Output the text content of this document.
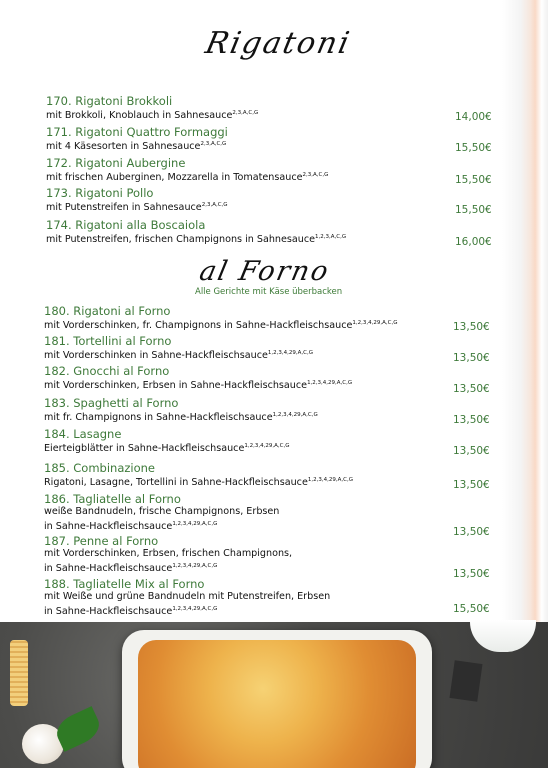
Rigatoni
170. Rigatoni Brokkoli
mit Brokkoli, Knoblauch in Sahnesauce$^{2,3,A,C,G}$	14,00€
171. Rigatoni Quattro Formaggi
mit 4 Käsesorten in Sahnesauce$^{2,3,A,C,G}$	15,50€
172. Rigatoni Aubergine
mit frischen Auberginen, Mozzarella in Tomatensauce$^{2,3,A,C,G}$	15,50€
173. Rigatoni Pollo
mit Putenstreifen in Sahnesauce$^{2,3,A,C,G}$	15,50€
174. Rigatoni alla Boscaiola
mit Putenstreifen, frischen Champignons in Sahnesauce$^{1,2,3,A,C,G}$	16,00€
al Forno
Alle Gerichte mit Käse überbacken
180. Rigatoni al Forno
mit Vorderschinken, fr. Champignons in Sahne-Hackfleischsauce$^{1,2,3,4,29,A,C,G}$	13,50€
181. Tortellini al Forno
mit Vorderschinken in Sahne-Hackfleischsauce$^{1,2,3,4,29,A,C,G}$	13,50€
182. Gnocchi al Forno
mit Vorderschinken, Erbsen in Sahne-Hackfleischsauce$^{1,2,3,4,29,A,C,G}$	13,50€
183. Spaghetti al Forno
mit fr. Champignons in Sahne-Hackfleischsauce$^{1,2,3,4,29,A,C,G}$	13,50€
184. Lasagne
Eierteigblätter in Sahne-Hackfleischsauce$^{1,2,3,4,29,A,C,G}$	13,50€
185. Combinazione
Rigatoni, Lasagne, Tortellini in Sahne-Hackfleischsauce$^{1,2,3,4,29,A,C,G}$	13,50€
186. Tagliatelle al Forno
weiße Bandnudeln, frische Champignons, Erbsen
in Sahne-Hackfleischsauce$^{1,2,3,4,29,A,C,G}$
13,50€
187. Penne al Forno
mit Vorderschinken, Erbsen, frischen Champignons,
in Sahne-Hackfleischsauce$^{1,2,3,4,29,A,C,G}$
13,50€
188. Tagliatelle Mix al Forno
mit Weiße und grüne Bandnudeln mit Putenstreifen, Erbsen
in Sahne-Hackfleischsauce$^{1,2,3,4,29,A,C,G}$	15,50€
